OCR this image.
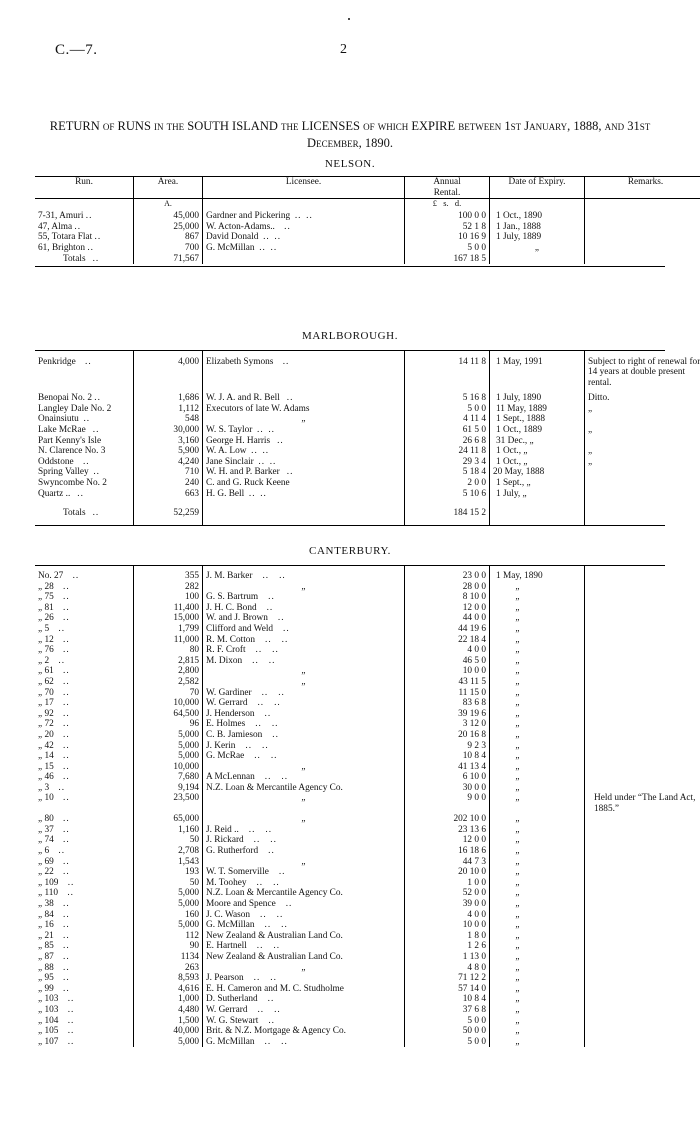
C.—7.	2
RETURN of RUNS in the SOUTH ISLAND the LICENSES of which EXPIRE between 1st January, 1888, and 31st December, 1890.
NELSON.
Run.	Area.	Licensee.	Annual
Rental.	Date of Expiry.	Remarks.
	A.		£   s.   d.		
7-31, Amuri ..	45,000	Gardner and Pickering .. ..	100 0 0	1 Oct., 1890	
47, Alma ..	25,000	W. Acton-Adams.. ..	52 1 8	1 Jan., 1888	
55, Totara Flat ..	867	David Donald .. ..	10 16 9	1 July, 1889	
61, Brighton ..	700	G. McMillan .. ..	5 0 0	„	
Totals ..	71,567		167 18 5		
MARLBOROUGH.

Penkridge ..	4,000	Elizabeth Symons ..	14 11 8	1 May, 1991	Subject to right of renewal for 14 years at double present rental.
Benopai No. 2 ..	1,686	W. J. A. and R. Bell ..	5 16 8	1 July, 1890	Ditto.
Langley Dale No. 2	1,112	Executors of late W. Adams	5 0 0	11 May, 1889	„
Onainsiutu ..	548	„	4 11 4	1 Sept., 1888	
Lake McRae ..	30,000	W. S. Taylor .. ..	61 5 0	1 Oct., 1889	„
Part Kenny's Isle	3,160	George H. Harris ..	26 6 8	31 Dec., „	
N. Clarence No. 3	5,900	W. A. Low .. ..	24 11 8	1 Oct., „	„
Oddstone ..	4,240	Jane Sinclair .. ..	29 3 4	1 Oct., „	„
Spring Valley ..	710	W. H. and P. Barker ..	5 18 4	20 May, 1888	
Swyncombe No. 2	240	C. and G. Ruck Keene	2 0 0	1 Sept., „	
Quartz .. ..	663	H. G. Bell .. ..	5 10 6	1 July, „	
Totals ..	52,259		184 15 2		

CANTERBURY.

No. 27 ..	355	J. M. Barker   ..   ..	23 0 0	1 May, 1890	
„ 28 ..	282	„	28 0 0	„	
„ 75 ..	100	G. S. Bartrum   ..	8 10 0	„	
„ 81 ..	11,400	J. H. C. Bond   ..	12 0 0	„	
„ 26 ..	15,000	W. and J. Brown   ..	44 0 0	„	
„ 5 ..	1,799	Clifford and Weld   ..	44 19 6	„	
„ 12 ..	11,000	R. M. Cotton   ..   ..	22 18 4	„	
„ 76 ..	80	R. F. Croft   ..   ..	4 0 0	„	
„ 2 ..	2,815	M. Dixon   ..   ..	46 5 0	„	
„ 61 ..	2,800	„	10 0 0	„	
„ 62 ..	2,582	„	43 11 5	„	
„ 70 ..	70	W. Gardiner   ..   ..	11 15 0	„	
„ 17 ..	10,000	W. Gerrard   ..   ..	83 6 8	„	
„ 92 ..	64,500	J. Henderson   ..	39 19 6	„	
„ 72 ..	96	E. Holmes   ..   ..	3 12 0	„	
„ 20 ..	5,000	C. B. Jamieson   ..	20 16 8	„	
„ 42 ..	5,000	J. Kerin   ..   ..	9 2 3	„	
„ 14 ..	5,000	G. McRae   ..   ..	10 8 4	„	
„ 15 ..	10,000	„	41 13 4	„	
„ 46 ..	7,680	A McLennan   ..   ..	6 10 0	„	
„ 3 ..	9,194	N.Z. Loan & Mercantile Agency Co.	30 0 0	„	
„ 10 ..	23,500	„	9 0 0	„	Held under “The Land Act, 1885.”
„ 80 ..	65,000	„	202 10 0	„	
„ 37 ..	1,160	J. Reid ..   ..   ..	23 13 6	„	
„ 74 ..	50	J. Rickard   ..   ..	12 0 0	„	
„ 6 ..	2,708	G. Rutherford   ..	16 18 6	„	
„ 69 ..	1,543	„	44 7 3	„	
„ 22 ..	193	W. T. Somerville   ..	20 10 0	„	
„ 109 ..	50	M. Toohey   ..   ..	1 0 0	„	
„ 110 ..	5,000	N.Z. Loan & Mercantile Agency Co.	52 0 0	„	
„ 38 ..	5,000	Moore and Spence   ..	39 0 0	„	
„ 84 ..	160	J. C. Wason   ..   ..	4 0 0	„	
„ 16 ..	5,000	G. McMillan   ..   ..	10 0 0	„	
„ 21 ..	112	New Zealand & Australian Land Co.	1 8 0	„	
„ 85 ..	90	E. Hartnell   ..   ..	1 2 6	„	
„ 87 ..	1134	New Zealand & Australian Land Co.	1 13 0	„	
„ 88 ..	263	„	4 8 0	„	
„ 95 ..	8,593	J. Pearson   ..   ..	71 12 2	„	
„ 99 ..	4,616	E. H. Cameron and M. C. Studholme	57 14 0	„	
„ 103 ..	1,000	D. Sutherland   ..	10 8 4	„	
„ 103 ..	4,480	W. Gerrard   ..   ..	37 6 8	„	
„ 104 ..	1,500	W. G. Stewart   ..	5 0 0	„	
„ 105 ..	40,000	Brit. & N.Z. Mortgage & Agency Co.	50 0 0	„	
„ 107 ..	5,000	G. McMillan   ..   ..	5 0 0	„	
